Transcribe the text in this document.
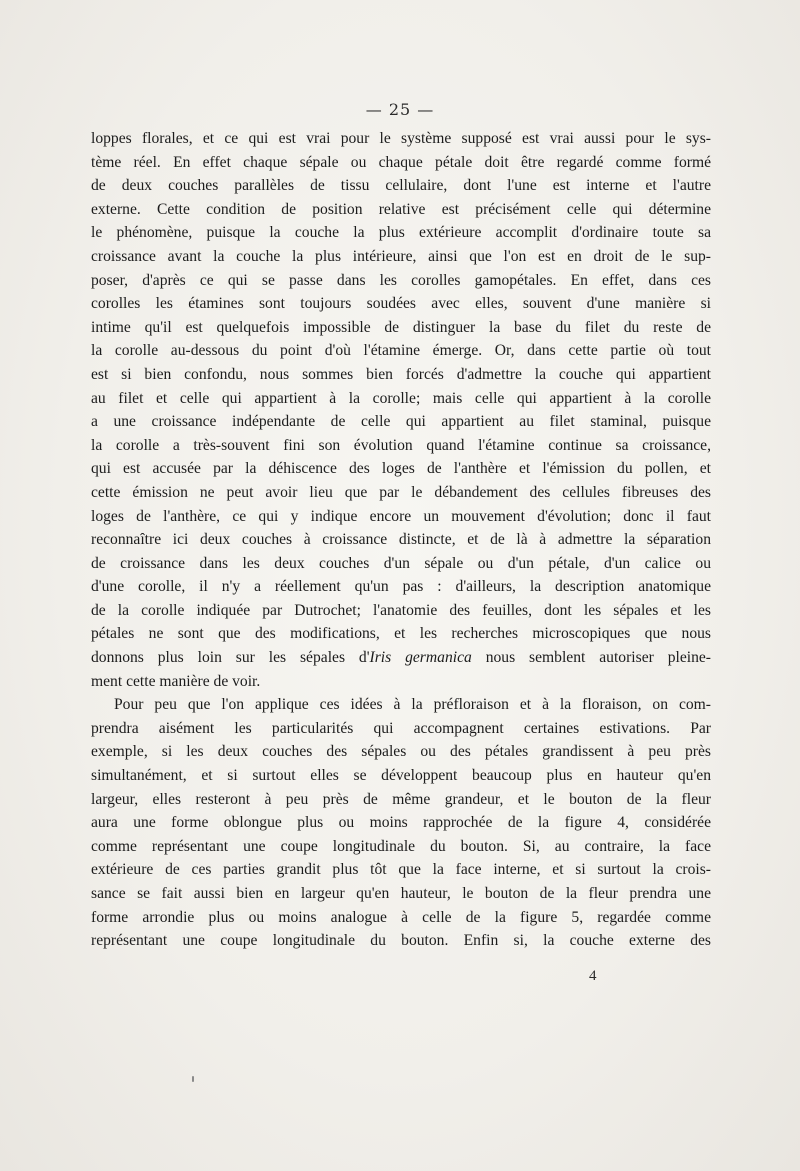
— 25 —

loppes florales, et ce qui est vrai pour le système supposé est vrai aussi pour le sys-
tème réel. En effet chaque sépale ou chaque pétale doit être regardé comme formé
de deux couches parallèles de tissu cellulaire, dont l'une est interne et l'autre
externe. Cette condition de position relative est précisément celle qui détermine
le phénomène, puisque la couche la plus extérieure accomplit d'ordinaire toute sa
croissance avant la couche la plus intérieure, ainsi que l'on est en droit de le sup-
poser, d'après ce qui se passe dans les corolles gamopétales. En effet, dans ces
corolles les étamines sont toujours soudées avec elles, souvent d'une manière si
intime qu'il est quelquefois impossible de distinguer la base du filet du reste de
la corolle au-dessous du point d'où l'étamine émerge. Or, dans cette partie où tout
est si bien confondu, nous sommes bien forcés d'admettre la couche qui appartient
au filet et celle qui appartient à la corolle; mais celle qui appartient à la corolle
a une croissance indépendante de celle qui appartient au filet staminal, puisque
la corolle a très-souvent fini son évolution quand l'étamine continue sa croissance,
qui est accusée par la déhiscence des loges de l'anthère et l'émission du pollen, et
cette émission ne peut avoir lieu que par le débandement des cellules fibreuses des
loges de l'anthère, ce qui y indique encore un mouvement d'évolution; donc il faut
reconnaître ici deux couches à croissance distincte, et de là à admettre la séparation
de croissance dans les deux couches d'un sépale ou d'un pétale, d'un calice ou
d'une corolle, il n'y a réellement qu'un pas : d'ailleurs, la description anatomique
de la corolle indiquée par Dutrochet; l'anatomie des feuilles, dont les sépales et les
pétales ne sont que des modifications, et les recherches microscopiques que nous
donnons plus loin sur les sépales d'Iris germanica nous semblent autoriser pleine-
ment cette manière de voir.

Pour peu que l'on applique ces idées à la préfloraison et à la floraison, on com-
prendra aisément les particularités qui accompagnent certaines estivations. Par
exemple, si les deux couches des sépales ou des pétales grandissent à peu près
simultanément, et si surtout elles se développent beaucoup plus en hauteur qu'en
largeur, elles resteront à peu près de même grandeur, et le bouton de la fleur
aura une forme oblongue plus ou moins rapprochée de la figure 4, considérée
comme représentant une coupe longitudinale du bouton. Si, au contraire, la face
extérieure de ces parties grandit plus tôt que la face interne, et si surtout la crois-
sance se fait aussi bien en largeur qu'en hauteur, le bouton de la fleur prendra une
forme arrondie plus ou moins analogue à celle de la figure 5, regardée comme
représentant une coupe longitudinale du bouton. Enfin si, la couche externe des

4
